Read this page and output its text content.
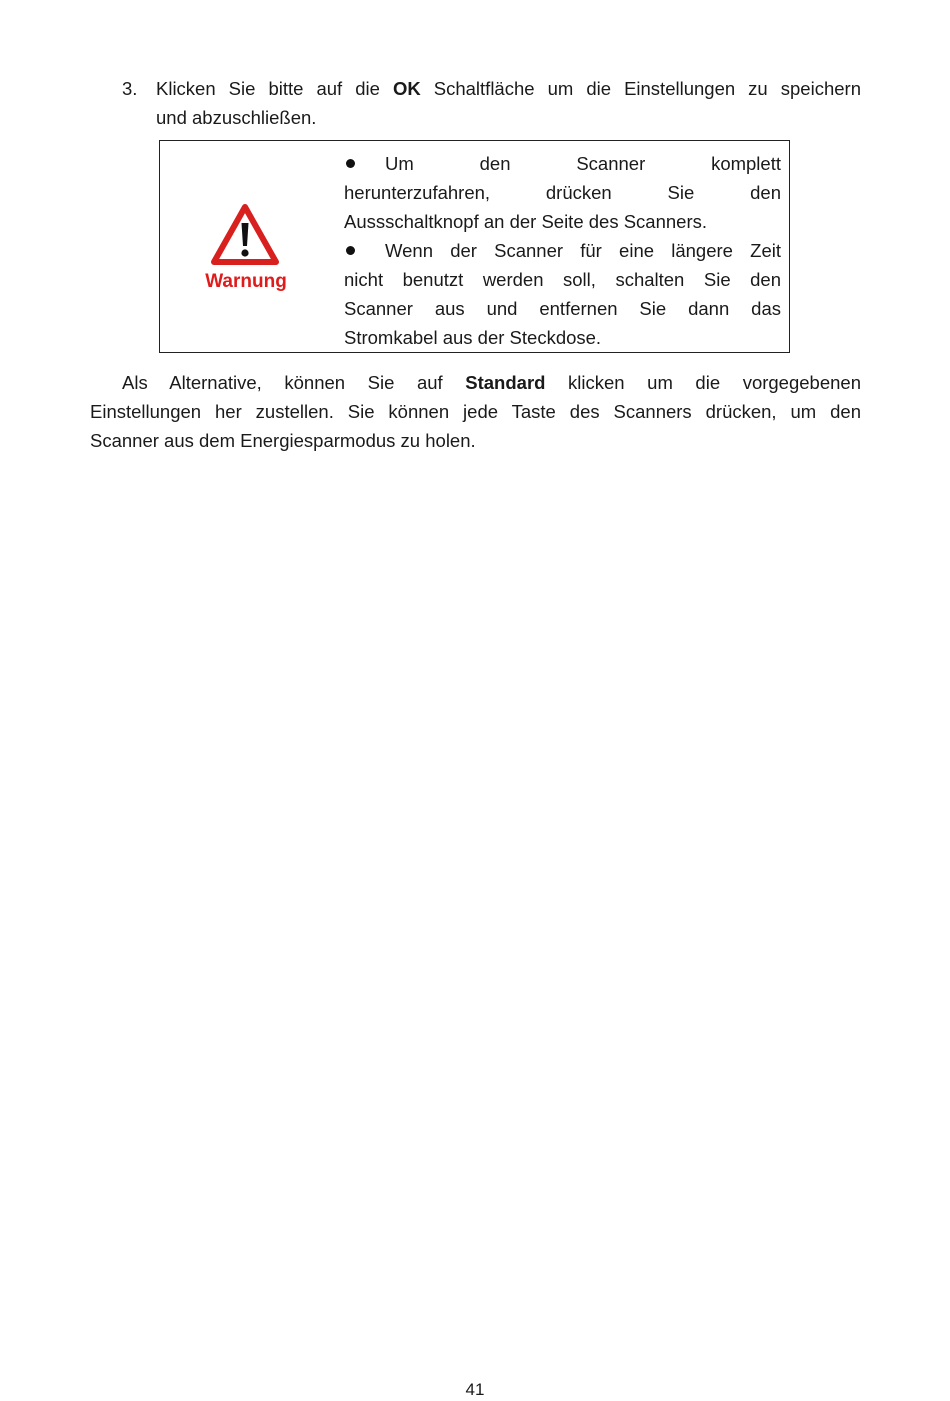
3. Klicken Sie bitte auf die OK Schaltfläche um die Einstellungen zu speichern
und abzuschließen.
Warnung
Um den Scanner komplett
herunterzufahren, drücken Sie den
Aussschaltknopf an der Seite des Scanners.
Wenn der Scanner für eine längere Zeit
nicht benutzt werden soll, schalten Sie den
Scanner aus und entfernen Sie dann das
Stromkabel aus der Steckdose.
Als Alternative, können Sie auf Standard klicken um die vorgegebenen
Einstellungen her zustellen. Sie können jede Taste des Scanners drücken, um den
Scanner aus dem Energiesparmodus zu holen.
41
